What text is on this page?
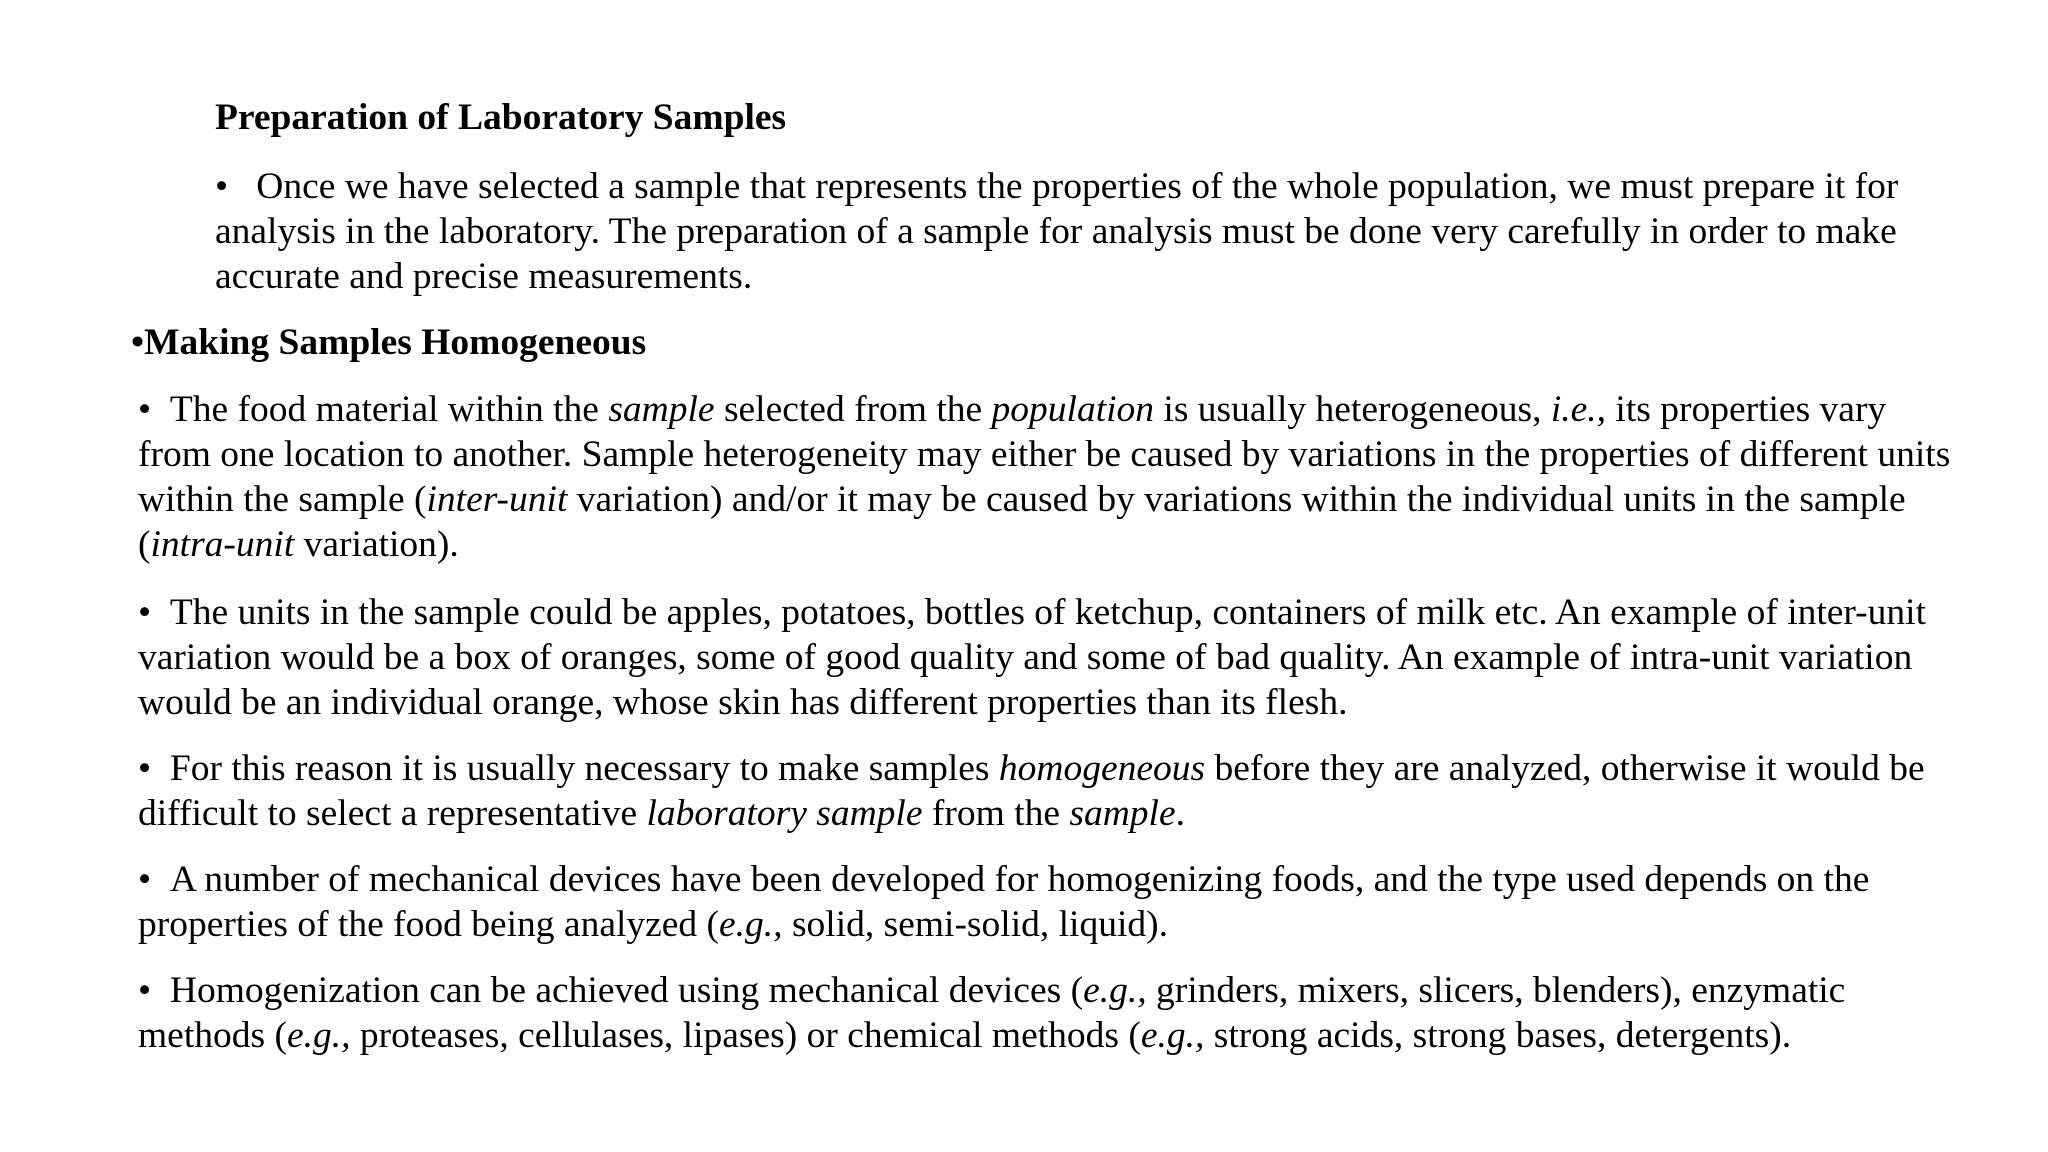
Preparation of Laboratory Samples

• Once we have selected a sample that represents the properties of the whole population, we must prepare it for analysis in the laboratory. The preparation of a sample for analysis must be done very carefully in order to make accurate and precise measurements.

•Making Samples Homogeneous

• The food material within the sample selected from the population is usually heterogeneous, i.e., its properties vary from one location to another. Sample heterogeneity may either be caused by variations in the properties of different units within the sample (inter-unit variation) and/or it may be caused by variations within the individual units in the sample (intra-unit variation).

• The units in the sample could be apples, potatoes, bottles of ketchup, containers of milk etc. An example of inter-unit variation would be a box of oranges, some of good quality and some of bad quality. An example of intra-unit variation would be an individual orange, whose skin has different properties than its flesh.

• For this reason it is usually necessary to make samples homogeneous before they are analyzed, otherwise it would be difficult to select a representative laboratory sample from the sample.

• A number of mechanical devices have been developed for homogenizing foods, and the type used depends on the properties of the food being analyzed (e.g., solid, semi-solid, liquid).

• Homogenization can be achieved using mechanical devices (e.g., grinders, mixers, slicers, blenders), enzymatic methods (e.g., proteases, cellulases, lipases) or chemical methods (e.g., strong acids, strong bases, detergents).
